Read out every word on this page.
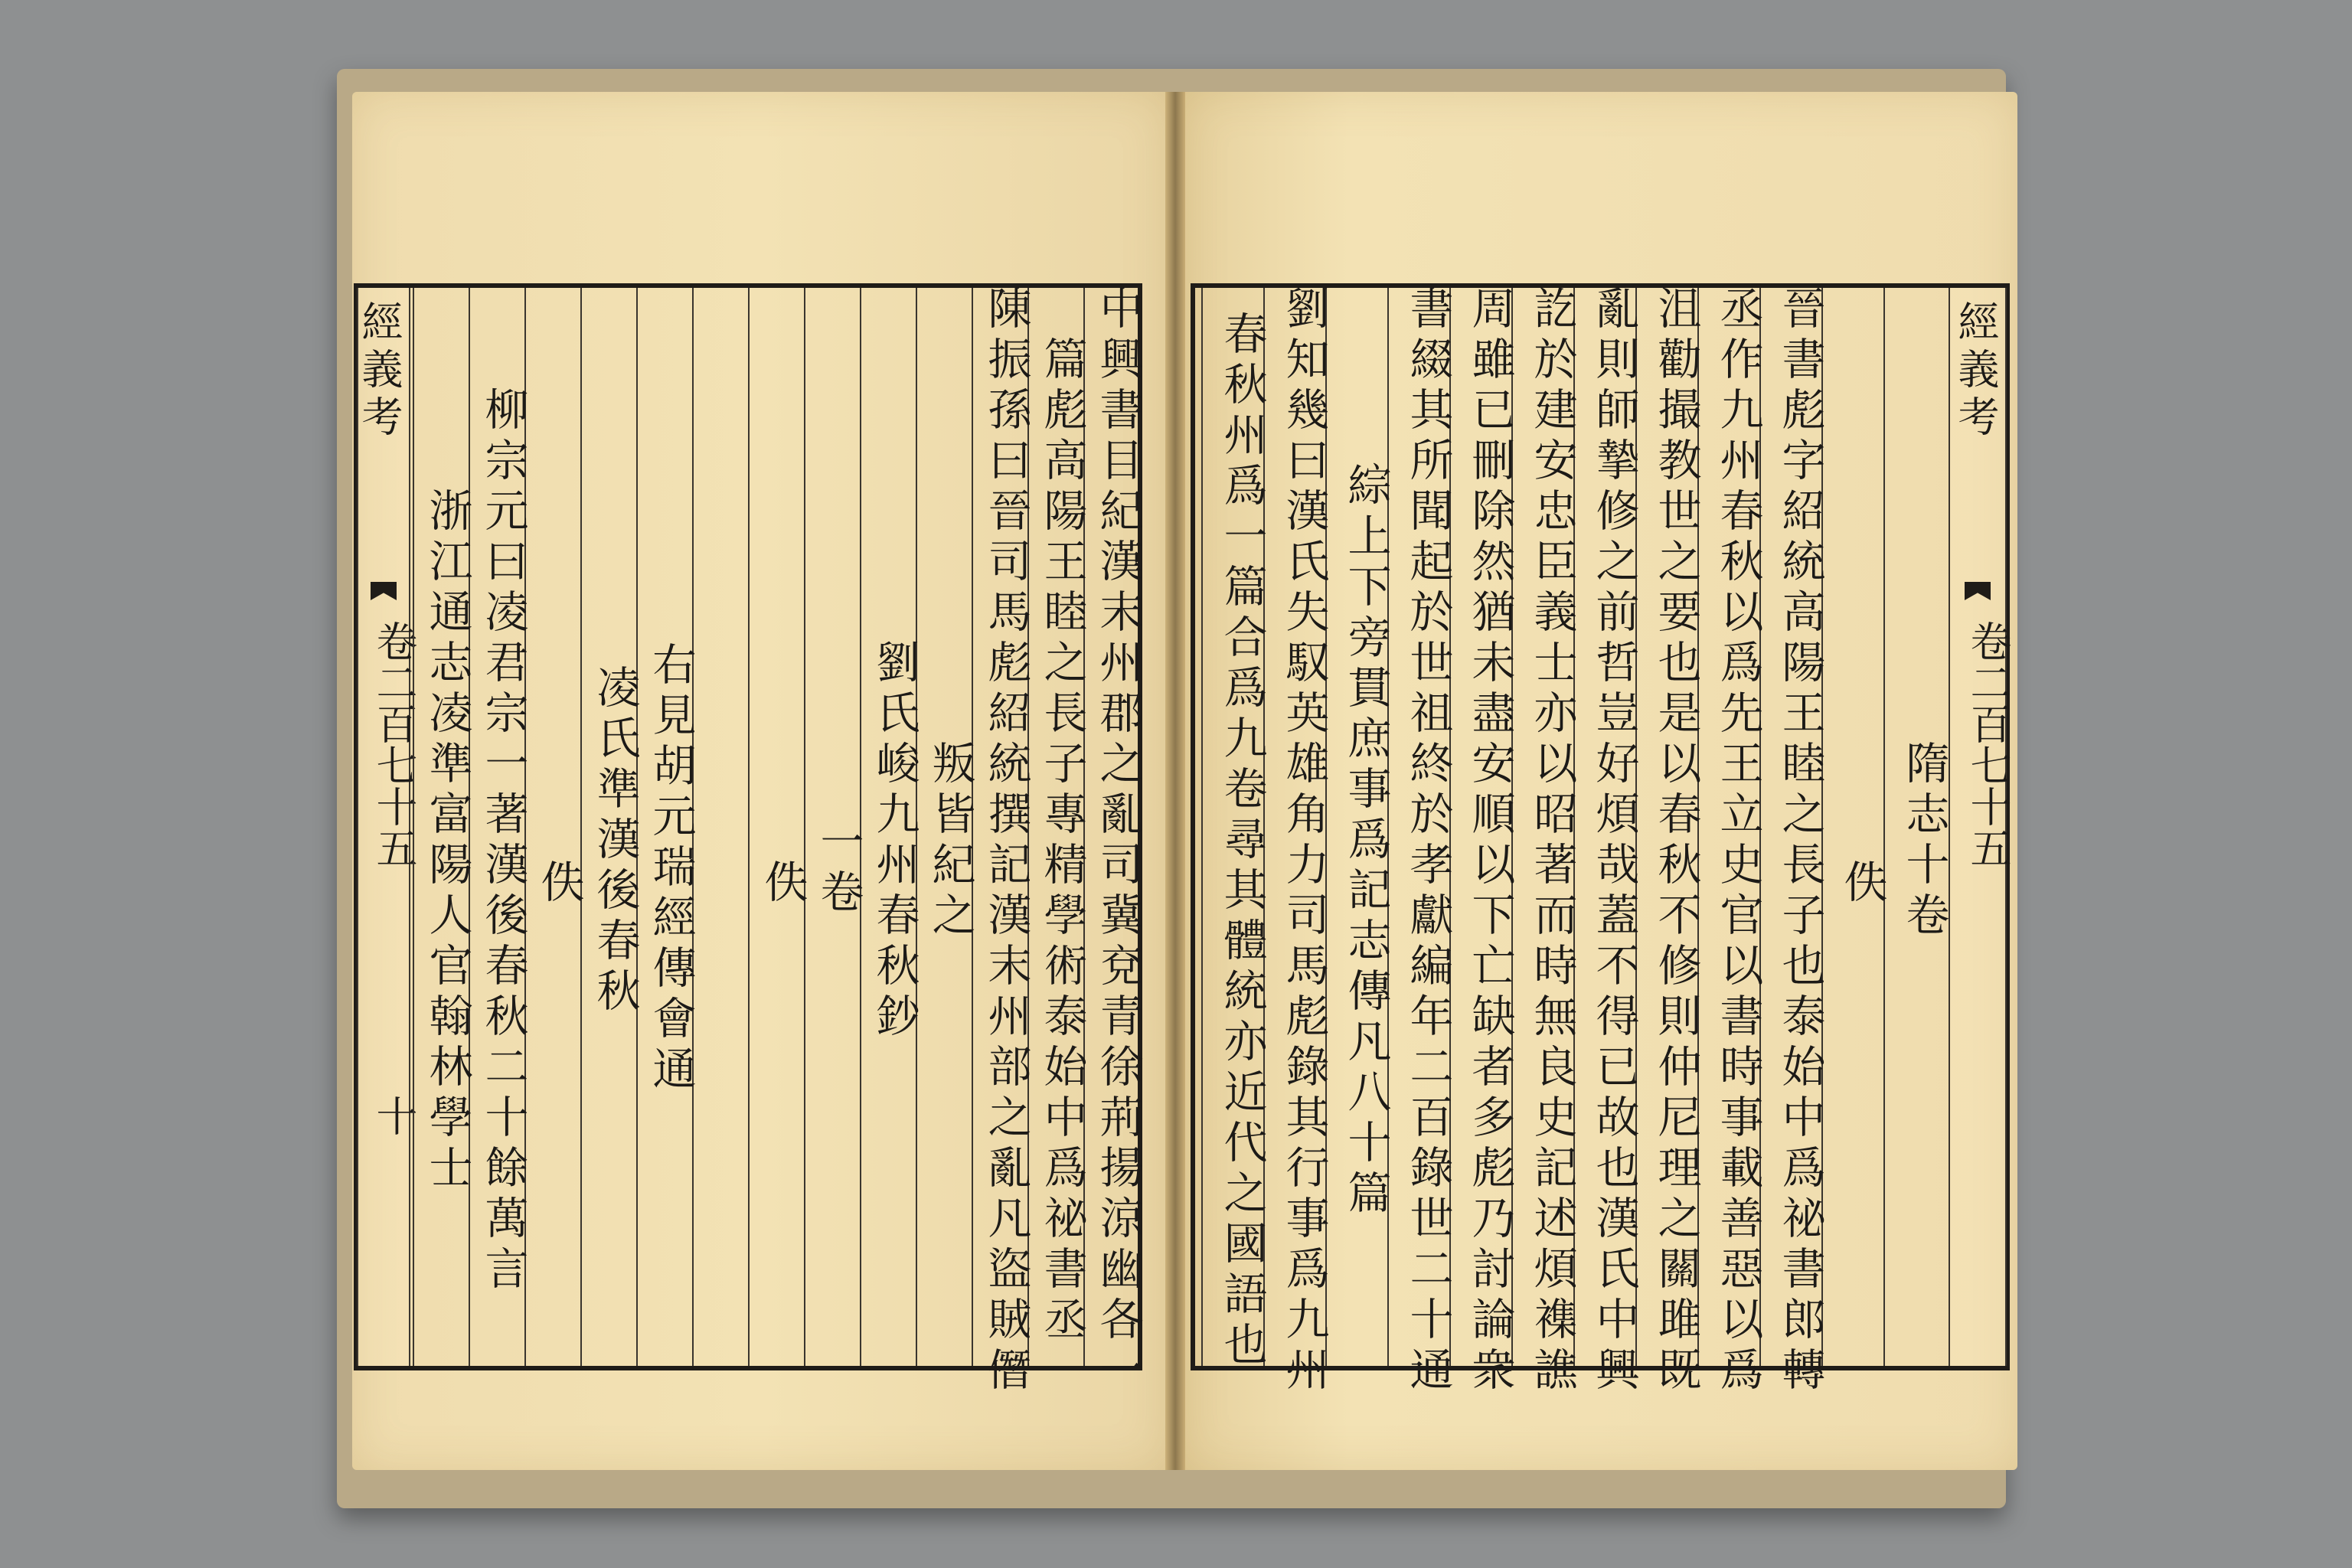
經義考
卷二百七十五
十	中興書目紀漢末州郡之亂司冀兗青徐荊揚涼幽各一
篇彪高陽王睦之長子專精學術泰始中爲祕書丞
陳振孫曰晉司馬彪紹統撰記漢末州部之亂凡盜賊僭
叛皆紀之
劉氏峻九州春秋鈔
一卷
佚
右見胡元瑞經傳會通
凌氏準漢後春秋
佚
柳宗元曰凌君宗一著漢後春秋二十餘萬言
浙江通志凌準富陽人官翰林學士
經義考
卷二百七十五
隋志十卷
佚
晉書彪字紹統高陽王睦之長子也泰始中爲祕書郎轉
丞作九州春秋以爲先王立史官以書時事載善惡以爲
沮勸撮教世之要也是以春秋不修則仲尼理之關雎既
亂則師摯修之前哲豈好煩哉蓋不得已故也漢氏中興
訖於建安忠臣義士亦以昭著而時無良史記述煩襍譙
周雖已刪除然猶未盡安順以下亡缺者多彪乃討論衆
書綴其所聞起於世祖終於孝獻編年二百錄世二十通
綜上下旁貫庶事爲記志傳凡八十篇
劉知幾曰漢氏失馭英雄角力司馬彪錄其行事爲九州
春秋州爲一篇合爲九卷尋其體統亦近代之國語也
